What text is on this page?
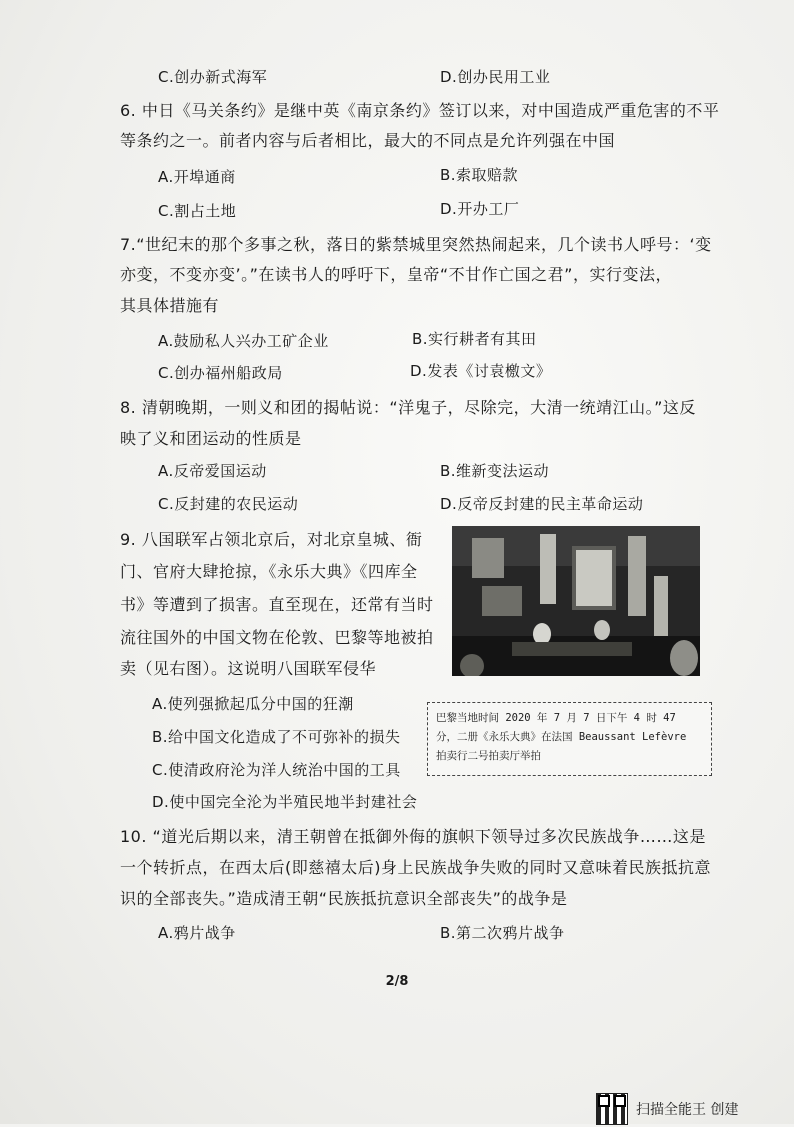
C.创办新式海军	D.创办民用工业
6. 中日《马关条约》是继中英《南京条约》签订以来，对中国造成严重危害的不平
等条约之一。前者内容与后者相比，最大的不同点是允许列强在中国
A.开埠通商	B.索取赔款
C.割占土地	D.开办工厂
7.“世纪末的那个多事之秋，落日的紫禁城里突然热闹起来，几个读书人呼号：‘变
亦变，不变亦变’。”在读书人的呼吁下，皇帝“不甘作亡国之君”，实行变法，
其具体措施有
A.鼓励私人兴办工矿企业	B.实行耕者有其田
C.创办福州船政局	D.发表《讨袁檄文》
8. 清朝晚期，一则义和团的揭帖说：“洋鬼子，尽除完，大清一统靖江山。”这反
映了义和团运动的性质是
A.反帝爱国运动	B.维新变法运动
C.反封建的农民运动	D.反帝反封建的民主革命运动
9. 八国联军占领北京后，对北京皇城、衙
门、官府大肆抢掠，《永乐大典》《四库全
书》等遭到了损害。直至现在，还常有当时
流往国外的中国文物在伦敦、巴黎等地被拍
卖（见右图）。这说明八国联军侵华
A.使列强掀起瓜分中国的狂潮
B.给中国文化造成了不可弥补的损失
C.使清政府沦为洋人统治中国的工具
D.使中国完全沦为半殖民地半封建社会
巴黎当地时间 2020 年 7 月 7 日下午 4 时 47 分，二册《永乐大典》在法国 Beaussant Lefèvre 拍卖行二号拍卖厅举拍
10. “道光后期以来，清王朝曾在抵御外侮的旗帜下领导过多次民族战争……这是
一个转折点，在西太后(即慈禧太后)身上民族战争失败的同时又意味着民族抵抗意
识的全部丧失。”造成清王朝“民族抵抗意识全部丧失”的战争是
A.鸦片战争	B.第二次鸦片战争
2/8
扫描全能王 创建
